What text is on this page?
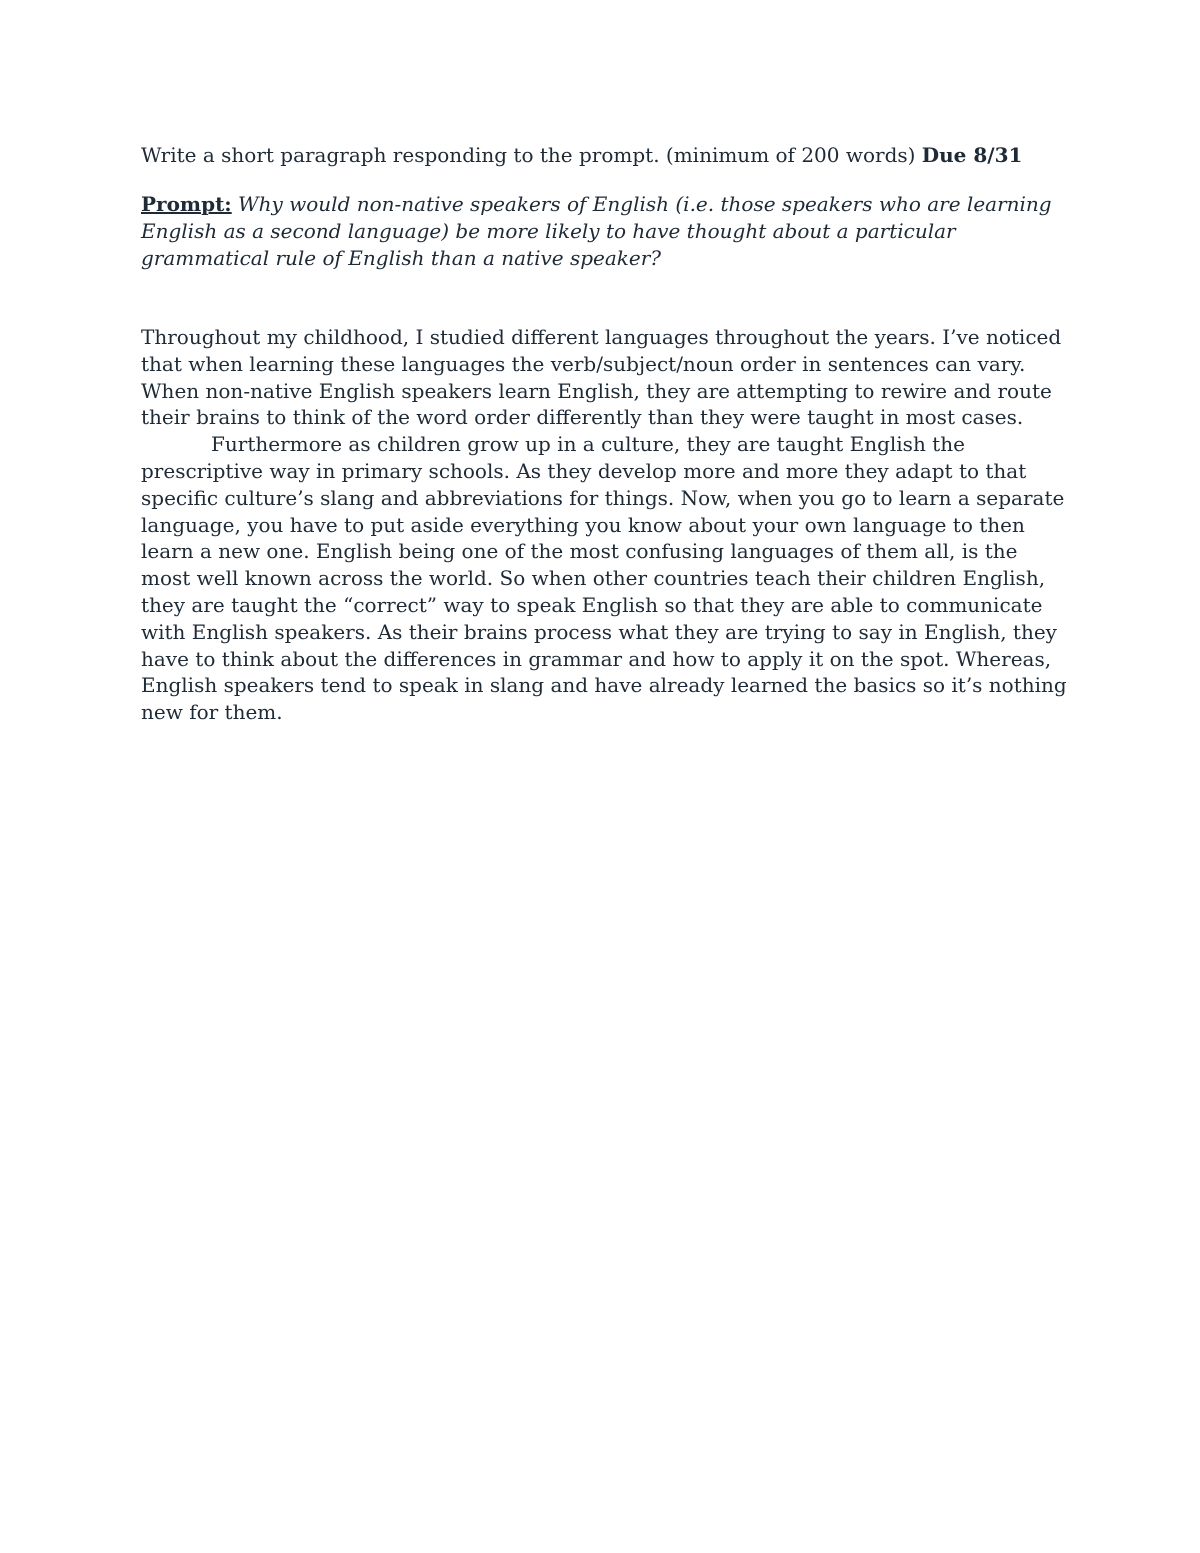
Write a short paragraph responding to the prompt. (minimum of 200 words) Due 8/31

Prompt: Why would non-native speakers of English (i.e. those speakers who are learning English as a second language) be more likely to have thought about a particular grammatical rule of English than a native speaker?

Throughout my childhood, I studied different languages throughout the years. I’ve noticed that when learning these languages the verb/subject/noun order in sentences can vary. When non-native English speakers learn English, they are attempting to rewire and route their brains to think of the word order differently than they were taught in most cases.

Furthermore as children grow up in a culture, they are taught English the prescriptive way in primary schools. As they develop more and more they adapt to that specific culture’s slang and abbreviations for things. Now, when you go to learn a separate language, you have to put aside everything you know about your own language to then learn a new one. English being one of the most confusing languages of them all, is the most well known across the world. So when other countries teach their children English, they are taught the “correct” way to speak English so that they are able to communicate with English speakers. As their brains process what they are trying to say in English, they have to think about the differences in grammar and how to apply it on the spot. Whereas, English speakers tend to speak in slang and have already learned the basics so it’s nothing new for them.
